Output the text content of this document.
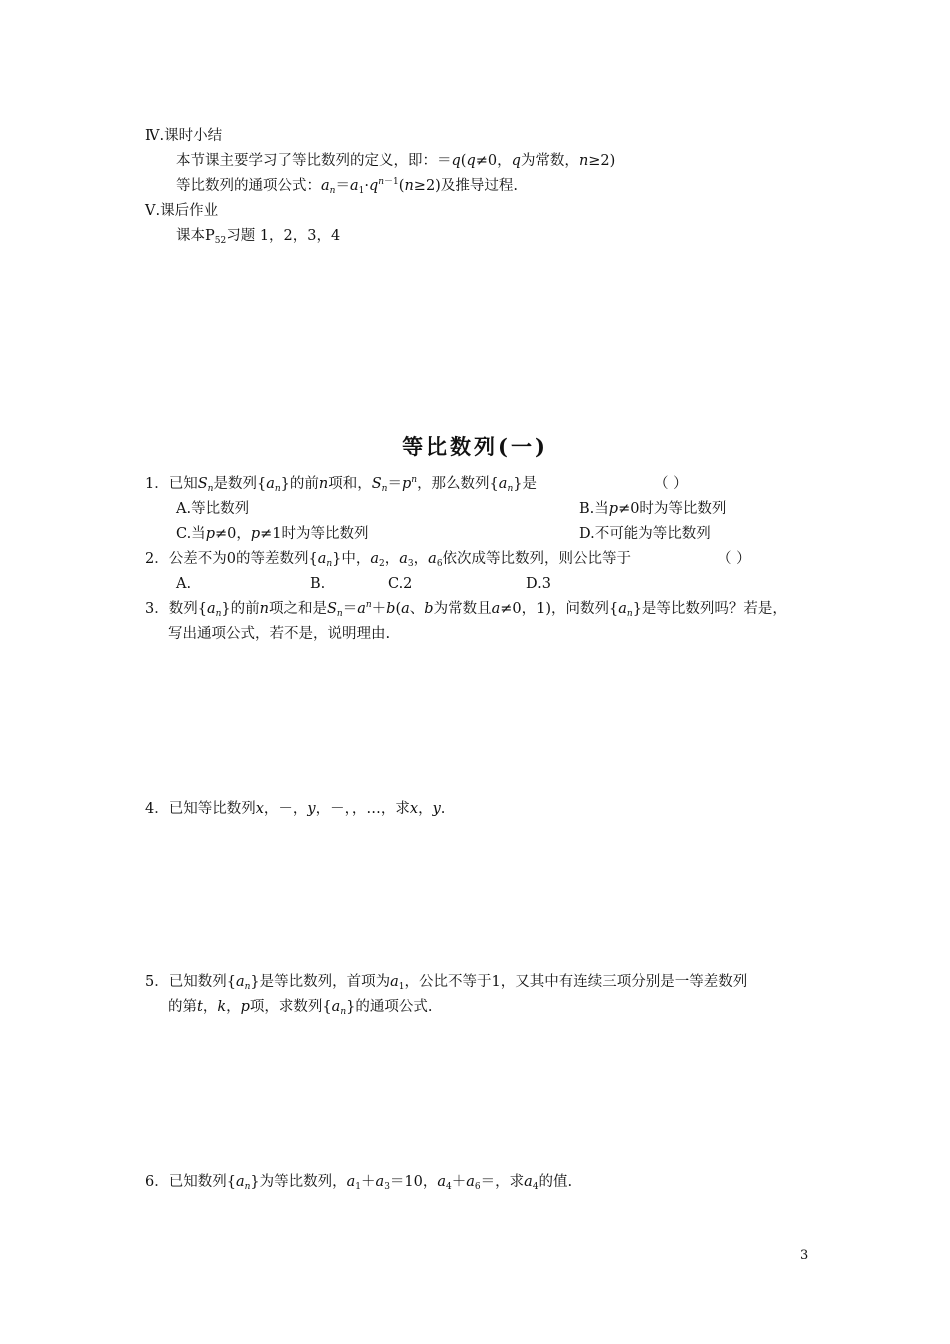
Ⅳ.课时小结
本节课主要学习了等比数列的定义，即：＝q(q≠0，q为常数，n≥2)
等比数列的通项公式：$a_n=a_1\cdot q^{n-1}(n\ge 2)$及推导过程.
Ⅴ.课后作业
课本$P_{52}$习题 1，2，3，4
等比数列(一)
1．已知$S_n$是数列$\{a_n\}$的前n项和，$S_n=p^n$，那么数列$\{a_n\}$是	（ ）
A.等比数列	B.当p≠0时为等比数列
C.当p≠0，p≠1时为等比数列	D.不可能为等比数列
2．公差不为0的等差数列$\{a_n\}$中，$a_2$，$a_3$，$a_6$依次成等比数列，则公比等于	（ ）
A.	B.	C.2	D.3
3．数列$\{a_n\}$的前n项之和是$S_n=a^n+b(a$、b为常数且a≠0，1)，问数列$\{a_n\}$是等比数列吗？若是，
写出通项公式，若不是，说明理由.
4．已知等比数列x，－，y，－，，…，求x，y.
5．已知数列$\{a_n\}$是等比数列，首项为$a_1$，公比不等于1，又其中有连续三项分别是一等差数列
的第t，k，p项，求数列$\{a_n\}$的通项公式.
6．已知数列$\{a_n\}$为等比数列，$a_1+a_3=10$，$a_4+a_6=$，求$a_4$的值.
3
